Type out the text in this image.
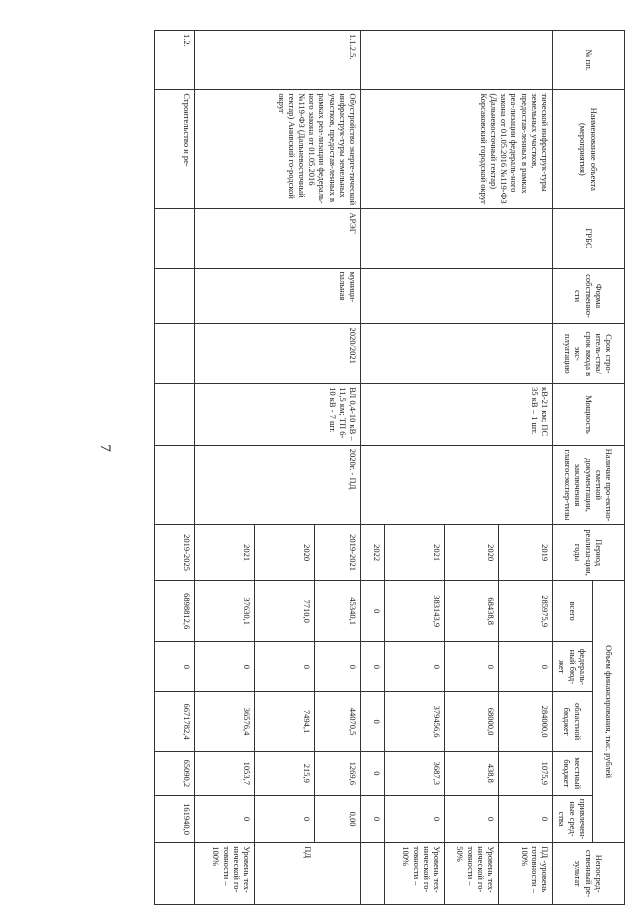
7
№ пп.	Наименование объекта (мероприятия)	ГРБС	Форма собственно-сти	Срок стро-итель-ства/срок ввода в экс-плуатацию	Мощность	Наличие про-ектно-сметной документации, заключения главгосэкспер-тизы	Период реализа-ции, годы	Объем финансирования, тыс. рублей					Непосред-ственный ре-зультат
								всего	федераль-ный бюд-жет	областной бюджет	местный бюджет	привлечен-ные сред-ства	
	тической инфраструк-туры земельных участков, предостав-ленных в рамках реа-лизации федераль-ного закона от 01.05.2016 №119-ФЗ (Дальневосточный гектар) Корсаковский городской округ				кВ-21 км; ПС 35 кВ – 1 шт.		2019	285975,9	0	284000,0	1075,9	0	ПД -уровень готовности – 100%
							2020	68438,8	0	68000,0	438,8	0	Уровень тех-нической го-товности – 50%
							2021	383143,9	0	379456,6	3687,3	0	Уровень тех-нической го-товности – 100%
							2022	0	0	0	0	0	
1.1.2.5.	Обустройство энерге-тической инфраструк-туры земельных участков, предостав-ленных в рамках реа-лизации федераль-ного закона от 01.05.2016 №119-ФЗ (Дальневосточный гектар) Анивский го-родской округ	АРЭГ	муници-пальная	2020/2021	ВЛ 0,4-10 кВ – 11,5 км; ТП 6-10 кВ - 7 шт.	2020г. - ПД	2019-2021	45340,1	0	44070,5	1269,6	0,00	ПД
							2020	7710,0	0	7494,1	215,9	0	
							2021	37630,1	0	36576,4	1053,7	0	Уровень тех-нической го-товности – 100%
1.2.	Строительство и ре-						2019-2025	6898812,6	0	6671782,4	65090,2	161940,0	
